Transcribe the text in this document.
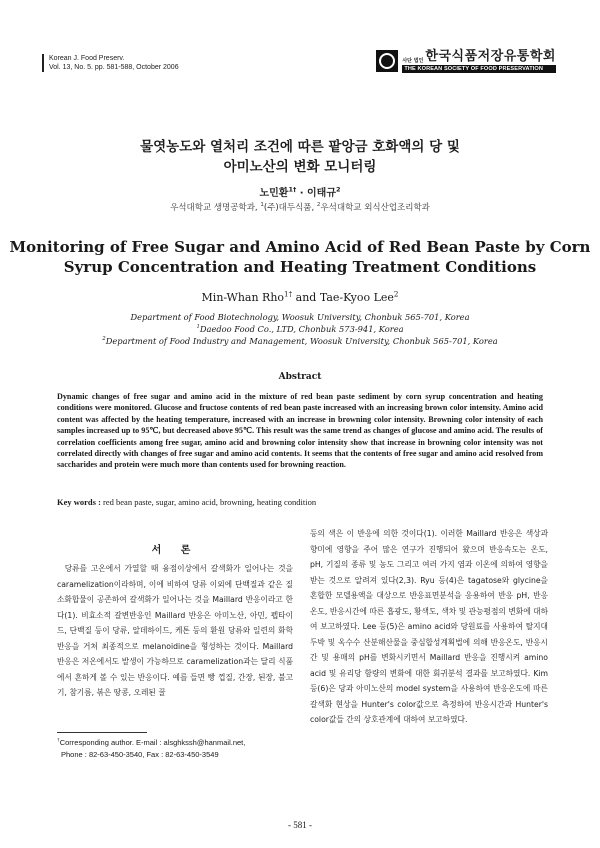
Korean J. Food Preserv.
Vol. 13, No. 5. pp. 581-588, October 2006
사단 법인 한국식품저장유통학회
THE KOREAN SOCIETY OF FOOD PRESERVATION
물엿농도와 열처리 조건에 따른 팥앙금 호화액의 당 및
아미노산의 변화 모니터링
노민환$^{1\dagger}$ · 이태규$^2$
우석대학교 생명공학과, $^1$(주)대두식품, $^2$우석대학교 외식산업조리학과
Monitoring of Free Sugar and Amino Acid of Red Bean Paste by Corn
Syrup Concentration and Heating Treatment Conditions
Min-Whan Rho$^{1\dagger}$ and Tae-Kyoo Lee$^2$
Department of Food Biotechnology, Woosuk University, Chonbuk 565-701, Korea
$^1$Daedoo Food Co., LTD, Chonbuk 573-941, Korea
$^2$Department of Food Industry and Management, Woosuk University, Chonbuk 565-701, Korea
Abstract
Dynamic changes of free sugar and amino acid in the mixture of red bean paste sediment by corn syrup concentration and heating conditions were monitored. Glucose and fructose contents of red bean paste increased with an increasing brown color intensity. Amino acid content was affected by the heating temperature, increased with an increase in browning color intensity. Browning color intensity of each samples increased up to 95℃, but decreased above 95℃. This result was the same trend as changes of glucose and amino acid. The results of correlation coefficients among free sugar, amino acid and browning color intensity show that increase in browning color intensity was not correlated directly with changes of free sugar and amino acid contents. It seems that the contents of free sugar and amino acid resolved from saccharides and protein were much more than contents used for browning reaction.
Key words : red bean paste, sugar, amino acid, browning, heating condition
서 론
당류를 고온에서 가열할 때 융점이상에서 갈색화가 일어나는 것을 caramelization이라하며, 이에 비하여 당류 이외에 단백질과 같은 질소화합물이 공존하여 갈색화가 일어나는 것을 Maillard 반응이라고 한다(1). 비효소적 갈변반응인 Maillard 반응은 아미노산, 아민, 펩타이드, 단백질 등이 당류, 알데하이드, 케톤 등의 환원 당류와 일련의 화학반응을 거쳐 최종적으로 melanoidine을 형성하는 것이다. Maillard 반응은 저온에서도 발생이 가능하므로 caramelization과는 달리 식품에서 흔하게 볼 수 있는 반응이다. 예를 들면 빵 껍질, 간장, 된장, 불고기, 참기름, 볶은 땅콩, 오레된 꿀
등의 색은 이 반응에 의한 것이다(1). 이러한 Maillard 반응은 색상과 향미에 영향을 주어 많은 연구가 진행되어 왔으며 반응속도는 온도, pH, 기질의 종류 및 농도 그리고 여러 가지 염과 이온에 의하여 영향을 받는 것으로 알려져 있다(2,3). Ryu 등(4)은 tagatose와 glycine을 혼합한 모델용액을 대상으로 반응표면분석을 응용하여 반응 pH, 반응온도, 반응시간에 따른 흡광도, 황색도, 색차 및 관능평점의 변화에 대하여 보고하였다. Lee 등(5)은 amino acid와 당원료를 사용하여 탈지대두박 및 옥수수 산분해산물을 중심합성계획법에 의해 반응온도, 반응시간 및 용매의 pH를 변화시키면서 Maillard 반응을 진행시켜 amino acid 및 유리당 함량의 변화에 대한 회귀분석 결과를 보고하였다. Kim 등(6)은 당과 아미노산의 model system을 사용하여 반응온도에 따른 갈색화 현상을 Hunter's color값으로 측정하여 반응시간과 Hunter's color값들 간의 상호관계에 대하여 보고하였다.
†Corresponding author. E-mail : alsghkssh@hanmail.net,
Phone : 82-63-450-3540, Fax : 82-63-450-3549
- 581 -
